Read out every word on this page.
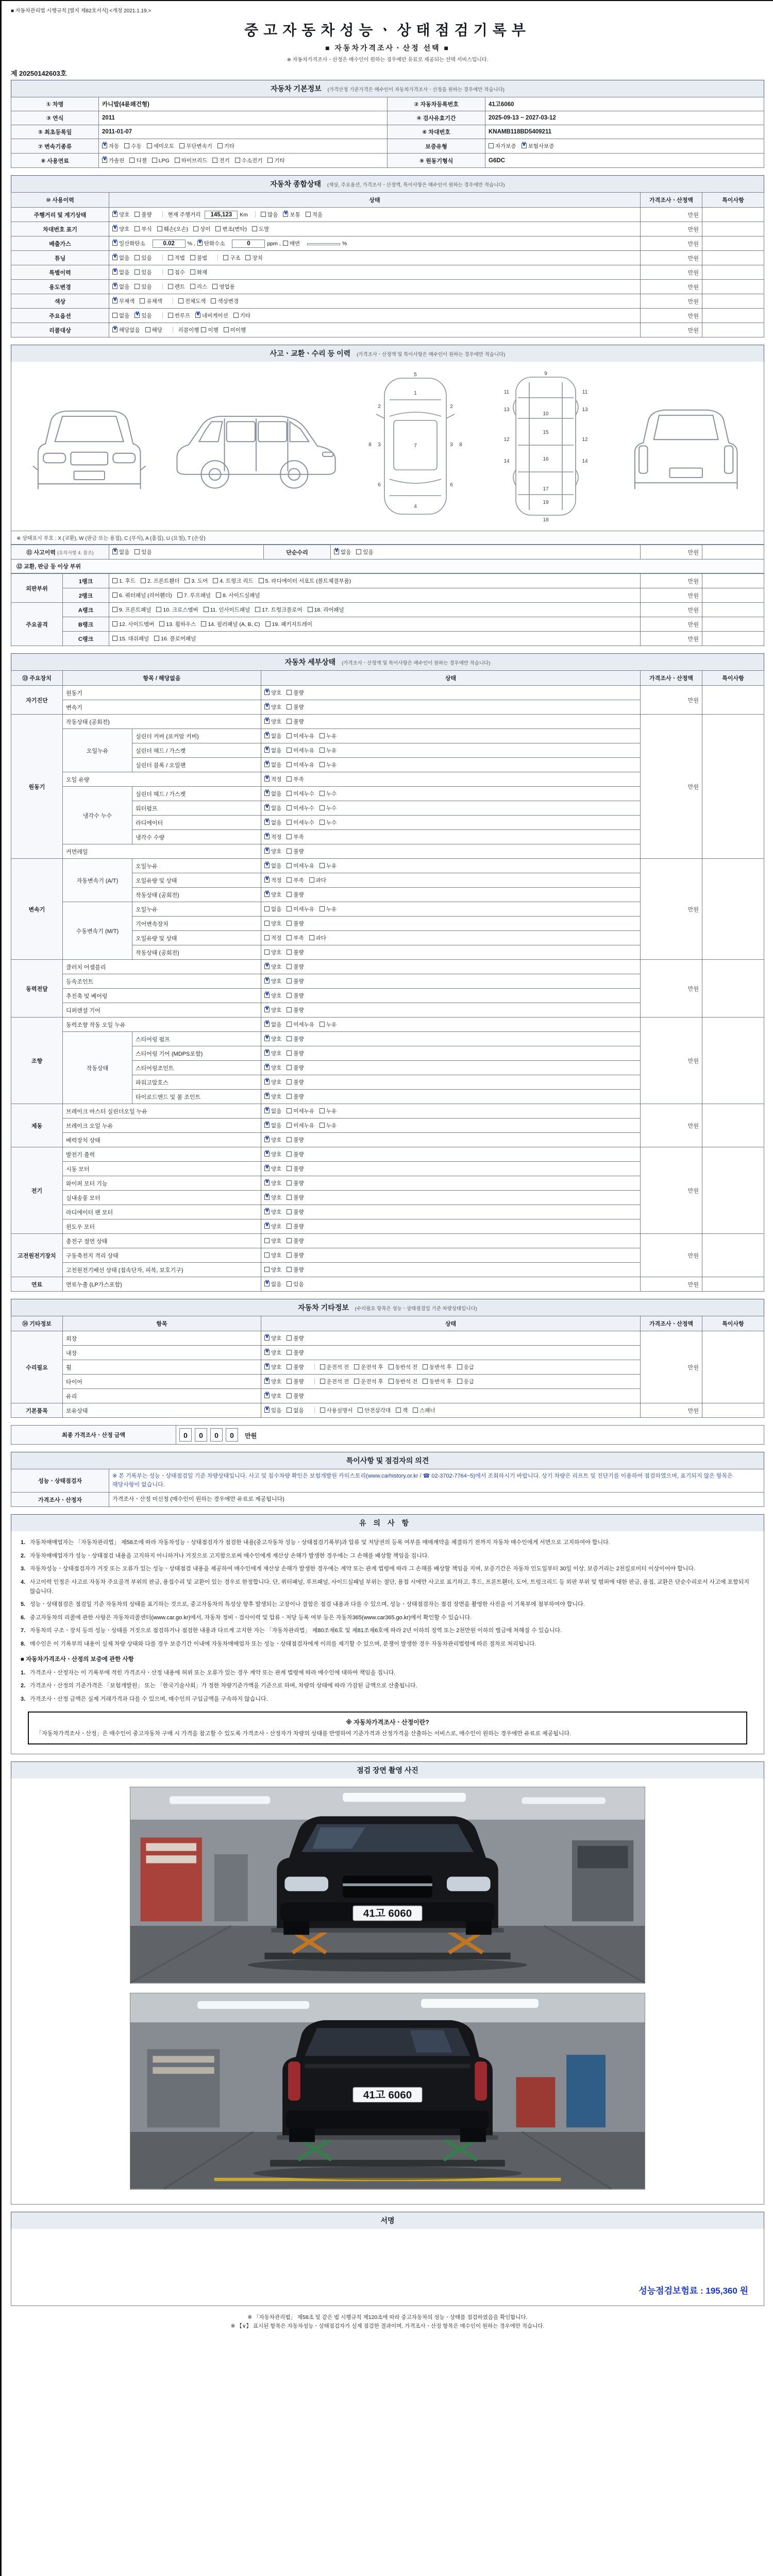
■ 자동차관리법 시행규칙 [별지 제82호서식] <개정 2021.1.19.>

중고자동차성능ㆍ상태점검기록부

■ 자동차가격조사ㆍ산정 선택 ■

※ 자동차가격조사ㆍ산정은 매수인이 원하는 경우에만 유료로 제공되는 선택 서비스입니다.

제 20250142603호
자동차 기본정보 (가격산정 기준가격은 매수인이 자동차가격조사ㆍ산정을 원하는 경우에만 적습니다)
① 차명	카니발(4륜왜건형)	② 자동차등록번호	41고6060
③ 연식	2011	④ 검사유효기간	2025-09-13 ~ 2027-03-12
⑤ 최초등록일	2011-01-07	⑥ 차대번호	KNAMB118BD5409211
⑦ 변속기종류	∨자동 수동 세미오토 무단변속기 기타	보증유형	자가보증 ∨ 보험사보증
⑧ 사용연료	∨가솔린 디젤 LPG 하이브리드 전기 수소전기 기타	⑨ 원동기형식	G6DC
자동차 종합상태 (색상, 주요옵션, 가격조사ㆍ산정액, 특이사항은 매수인이 원하는 경우에만 적습니다)
⑩ 사용이력	상태	가격조사ㆍ산정액	특이사항
주행거리 및 계기상태	∨양호 불량 현재 주행거리 145,123 Km 많음 ∨ 보통 적음	만원	
차대번호 표기	∨양호 부식 훼손(오손) 상이 변조(변타) 도말	만원	
배출가스	∨일산화탄소 0.02 % , ∨ 탄화수소 0 ppm , 매연 %	만원	
튜닝	∨없음 있음 적법 불법 구조 장치	만원	
특별이력	∨없음 있음 침수 화재	만원	
용도변경	∨없음 있음 렌트 리스 영업용	만원	
색상	∨무채색 유채색 전체도색 색상변경	만원	
주요옵션	없음 ∨ 있음 썬루프 ∨ 네비게이션 기타	만원	
리콜대상	∨해당없음 해당 리콜이행 이행 미이행	만원	
사고ㆍ교환ㆍ수리 등 이력 (가격조사ㆍ산정액 및 특이사항은 매수인이 원하는 경우에만 적습니다)
5
1
7
4
2	2
3	3
6	6
8	8
9
10
11	11
12	12
13	13
14	14
15
16
17
18
19
※ 상태표시 부호 : X (교환), W (판금 또는 용접), C (부식), A (흠집), U (요철), T (손상)
⑪ 사고이력 (유의사항 4. 참조)	∨없음 있음	단순수리	∨없음 있음	만원	
⑫ 교환, 판금 등 이상 부위
외판부위	1랭크	1. 후드 2. 프론트휀더 3. 도어 4. 트렁크 리드 5. 라디에이터 서포트 (볼트체결부품)	만원	
	2랭크	6. 쿼터패널 (리어휀더) 7. 루프패널 8. 사이드실패널	만원	
주요골격	A랭크	9. 프론트패널 10. 크로스멤버 11. 인사이드패널 17. 트렁크플로어 18. 리어패널	만원	
	B랭크	12. 사이드멤버 13. 휠하우스 14. 필러패널 (A, B, C) 19. 패키지트레이	만원	
	C랭크	15. 대쉬패널 16. 플로어패널	만원	
자동차 세부상태 (가격조사ㆍ산정액 및 특이사항은 매수인이 원하는 경우에만 적습니다)
⑬ 주요장치	항목 / 해당없음		상태	가격조사ㆍ산정액	특이사항
자기진단	원동기	∨양호 불량	만원	
	변속기	∨양호 불량
원동기	작동상태 (공회전)	∨양호 불량	만원	
	오일누유	실린더 커버 (로커암 커버)	∨없음 미세누유 누유
		실린더 헤드 / 가스켓	∨없음 미세누유 누유
		실린더 블록 / 오일팬	∨없음 미세누유 누유
	오일 유량	∨적정 부족
	냉각수 누수	실린더 헤드 / 가스켓	∨없음 미세누수 누수
		워터펌프	∨없음 미세누수 누수
		라디에이터	∨없음 미세누수 누수
		냉각수 수량	∨적정 부족
	커먼레일	∨양호 불량
변속기	자동변속기 (A/T)	오일누유	∨없음 미세누유 누유	만원	
		오일유량 및 상태	∨적정 부족 과다
		작동상태 (공회전)	∨양호 불량
	수동변속기 (M/T)	오일누유	없음 미세누유 누유		
		기어변속장치	양호 불량		
		오일유량 및 상태	적정 부족 과다		
		작동상태 (공회전)	양호 불량		
동력전달	클러치 어셈블리	∨양호 불량	만원	
	등속조인트	∨양호 불량
	추진축 및 베어링	∨양호 불량
	디퍼렌셜 기어	∨양호 불량
조향	동력조향 작동 오일 누유	∨없음 미세누유 누유	만원	
	작동상태	스티어링 펌프	∨양호 불량
		스티어링 기어 (MDPS포함)	∨양호 불량
		스티어링조인트	∨양호 불량
		파워고압호스	∨양호 불량
		타이로드엔드 및 볼 조인트	∨양호 불량
제동	브레이크 마스터 실린더오일 누유	∨없음 미세누유 누유	만원	
	브레이크 오일 누유	∨없음 미세누유 누유
	배력장치 상태	∨양호 불량
전기	발전기 출력	∨양호 불량	만원	
	시동 모터	∨양호 불량
	와이퍼 모터 기능	∨양호 불량
	실내송풍 모터	∨양호 불량
	라디에이터 팬 모터	∨양호 불량
	윈도우 모터	∨양호 불량
고전원전기장치	충전구 절연 상태		양호 불량	만원	
	구동축전지 격리 상태		양호 불량		
	고전원전기배선 상태 (접속단자, 피복, 보호기구)		양호 불량		
연료	연료누출 (LP가스포함)	∨없음 있음	만원	
자동차 기타정보 (수리필요 항목은 성능ㆍ상태점검일 기준 차량상태입니다)
⑭ 기타정보	항목	상태	가격조사ㆍ산정액	특이사항
수리필요	외장	∨양호 불량	만원	
	내장	∨양호 불량
	휠	∨양호 불량 운전석 전 운전석 후 동반석 전 동반석 후 응급
	타이어	∨양호 불량 운전석 전 운전석 후 동반석 전 동반석 후 응급
	유리	∨양호 불량
기본품목	보유상태	∨있음 없음 사용설명서 안전삼각대 잭 스패너	만원	
최종 가격조사ㆍ산정 금액	0 0 0 0 만원
특이사항 및 점검자의 의견
성능ㆍ상태점검자	※ 본 기록부는 성능ㆍ상태점검일 기준 차량상태입니다. 사고 및 침수차량 확인은 보험개발원 카히스토리(www.carhistory.or.kr / ☎ 02-3702-7764~5)에서 조회하시기 바랍니다. 상기 차량은 리프트 및 진단기를 이용하여 점검하였으며, 표기되지 않은 항목은 해당사항이 없습니다.
가격조사ㆍ산정자	가격조사ㆍ산정 미신청 (매수인이 원하는 경우에만 유료로 제공됩니다)
유의사항
1. 자동차매매업자는 「자동차관리법」 제58조에 따라 자동차성능ㆍ상태점검자가 점검한 내용(중고자동차 성능ㆍ상태점검기록부)과 압류 및 저당권의 등록 여부를 매매계약을 체결하기 전까지 자동차 매수인에게 서면으로 고지하여야 합니다.

2. 자동차매매업자가 성능ㆍ상태점검 내용을 고지하지 아니하거나 거짓으로 고지함으로써 매수인에게 재산상 손해가 발생한 경우에는 그 손해를 배상할 책임을 집니다.

3. 자동차성능ㆍ상태점검자가 거짓 또는 오류가 있는 성능ㆍ상태점검 내용을 제공하여 매수인에게 재산상 손해가 발생한 경우에는 계약 또는 관계 법령에 따라 그 손해를 배상할 책임을 지며, 보증기간은 자동차 인도일부터 30일 이상, 보증거리는 2천킬로미터 이상이어야 합니다.

4. 사고이력 인정은 사고로 자동차 주요골격 부위의 판금, 용접수리 및 교환이 있는 경우로 한정합니다. 단, 쿼터패널, 루프패널, 사이드실패널 부위는 절단, 용접 시에만 사고로 표기하고, 후드, 프론트휀더, 도어, 트렁크리드 등 외판 부위 및 범퍼에 대한 판금, 용접, 교환은 단순수리로서 사고에 포함되지 않습니다.

5. 성능ㆍ상태점검은 점검일 기준 자동차의 상태를 표기하는 것으로, 중고자동차의 특성상 향후 발생되는 고장이나 결함은 점검 내용과 다를 수 있으며, 성능ㆍ상태점검자는 점검 장면을 촬영한 사진을 이 기록부에 첨부하여야 합니다.

6. 중고자동차의 리콜에 관한 사항은 자동차리콜센터(www.car.go.kr)에서, 자동차 정비ㆍ검사이력 및 압류ㆍ저당 등록 여부 등은 자동차365(www.car365.go.kr)에서 확인할 수 있습니다.

7. 자동차의 구조ㆍ장치 등의 성능ㆍ상태를 거짓으로 점검하거나 점검한 내용과 다르게 고지한 자는 「자동차관리법」 제80조제6호 및 제81조제6호에 따라 2년 이하의 징역 또는 2천만원 이하의 벌금에 처해질 수 있습니다.

8. 매수인은 이 기록부의 내용이 실제 차량 상태와 다를 경우 보증기간 이내에 자동차매매업자 또는 성능ㆍ상태점검자에게 이의를 제기할 수 있으며, 분쟁이 발생한 경우 자동차관리법령에 따른 절차로 처리됩니다.

■ 자동차가격조사ㆍ산정의 보증에 관한 사항
1. 가격조사ㆍ산정자는 이 기록부에 적힌 가격조사ㆍ산정 내용에 허위 또는 오류가 있는 경우 계약 또는 관계 법령에 따라 매수인에 대하여 책임을 집니다.

2. 가격조사ㆍ산정의 기준가격은 「보험개발원」 또는 「한국기술사회」가 정한 차량기준가액을 기준으로 하며, 차량의 상태에 따라 가감된 금액으로 산출됩니다.

3. 가격조사ㆍ산정 금액은 실제 거래가격과 다를 수 있으며, 매수인의 구입금액을 구속하지 않습니다.

※ 자동차가격조사ㆍ산정이란?
「자동차가격조사ㆍ산정」은 매수인이 중고자동차 구매 시 가격을 참고할 수 있도록 가격조사ㆍ산정자가 차량의 상태를 반영하여 기준가격과 산정가격을 산출하는 서비스로, 매수인이 원하는 경우에만 유료로 제공됩니다.
점검 장면 촬영 사진
41고 6060
41고 6060
서명
성능점검보험료 : 195,360 원
※ 「자동차관리법」 제58조 및 같은 법 시행규칙 제120조에 따라 중고자동차의 성능ㆍ상태를 점검하였음을 확인합니다.
※ 【∨】 표시된 항목은 자동차성능ㆍ상태점검자가 실제 점검한 결과이며, 가격조사ㆍ산정 항목은 매수인이 원하는 경우에만 적습니다.
